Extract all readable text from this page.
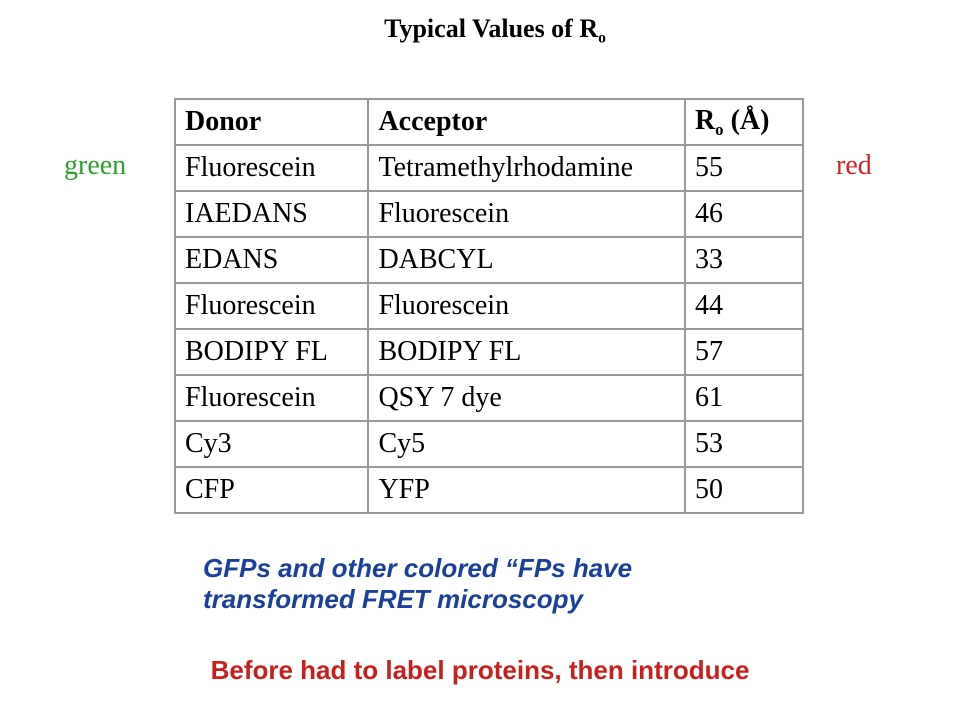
Typical Values of $R_o$
green	red
Donor	Acceptor	$R_o$ (Å)
Fluorescein	Tetramethylrhodamine	55
IAEDANS	Fluorescein	46
EDANS	DABCYL	33
Fluorescein	Fluorescein	44
BODIPY FL	BODIPY FL	57
Fluorescein	QSY 7 dye	61
Cy3	Cy5	53
CFP	YFP	50
GFPs and other colored “FPs have
transformed FRET microscopy
Before had to label proteins, then introduce
